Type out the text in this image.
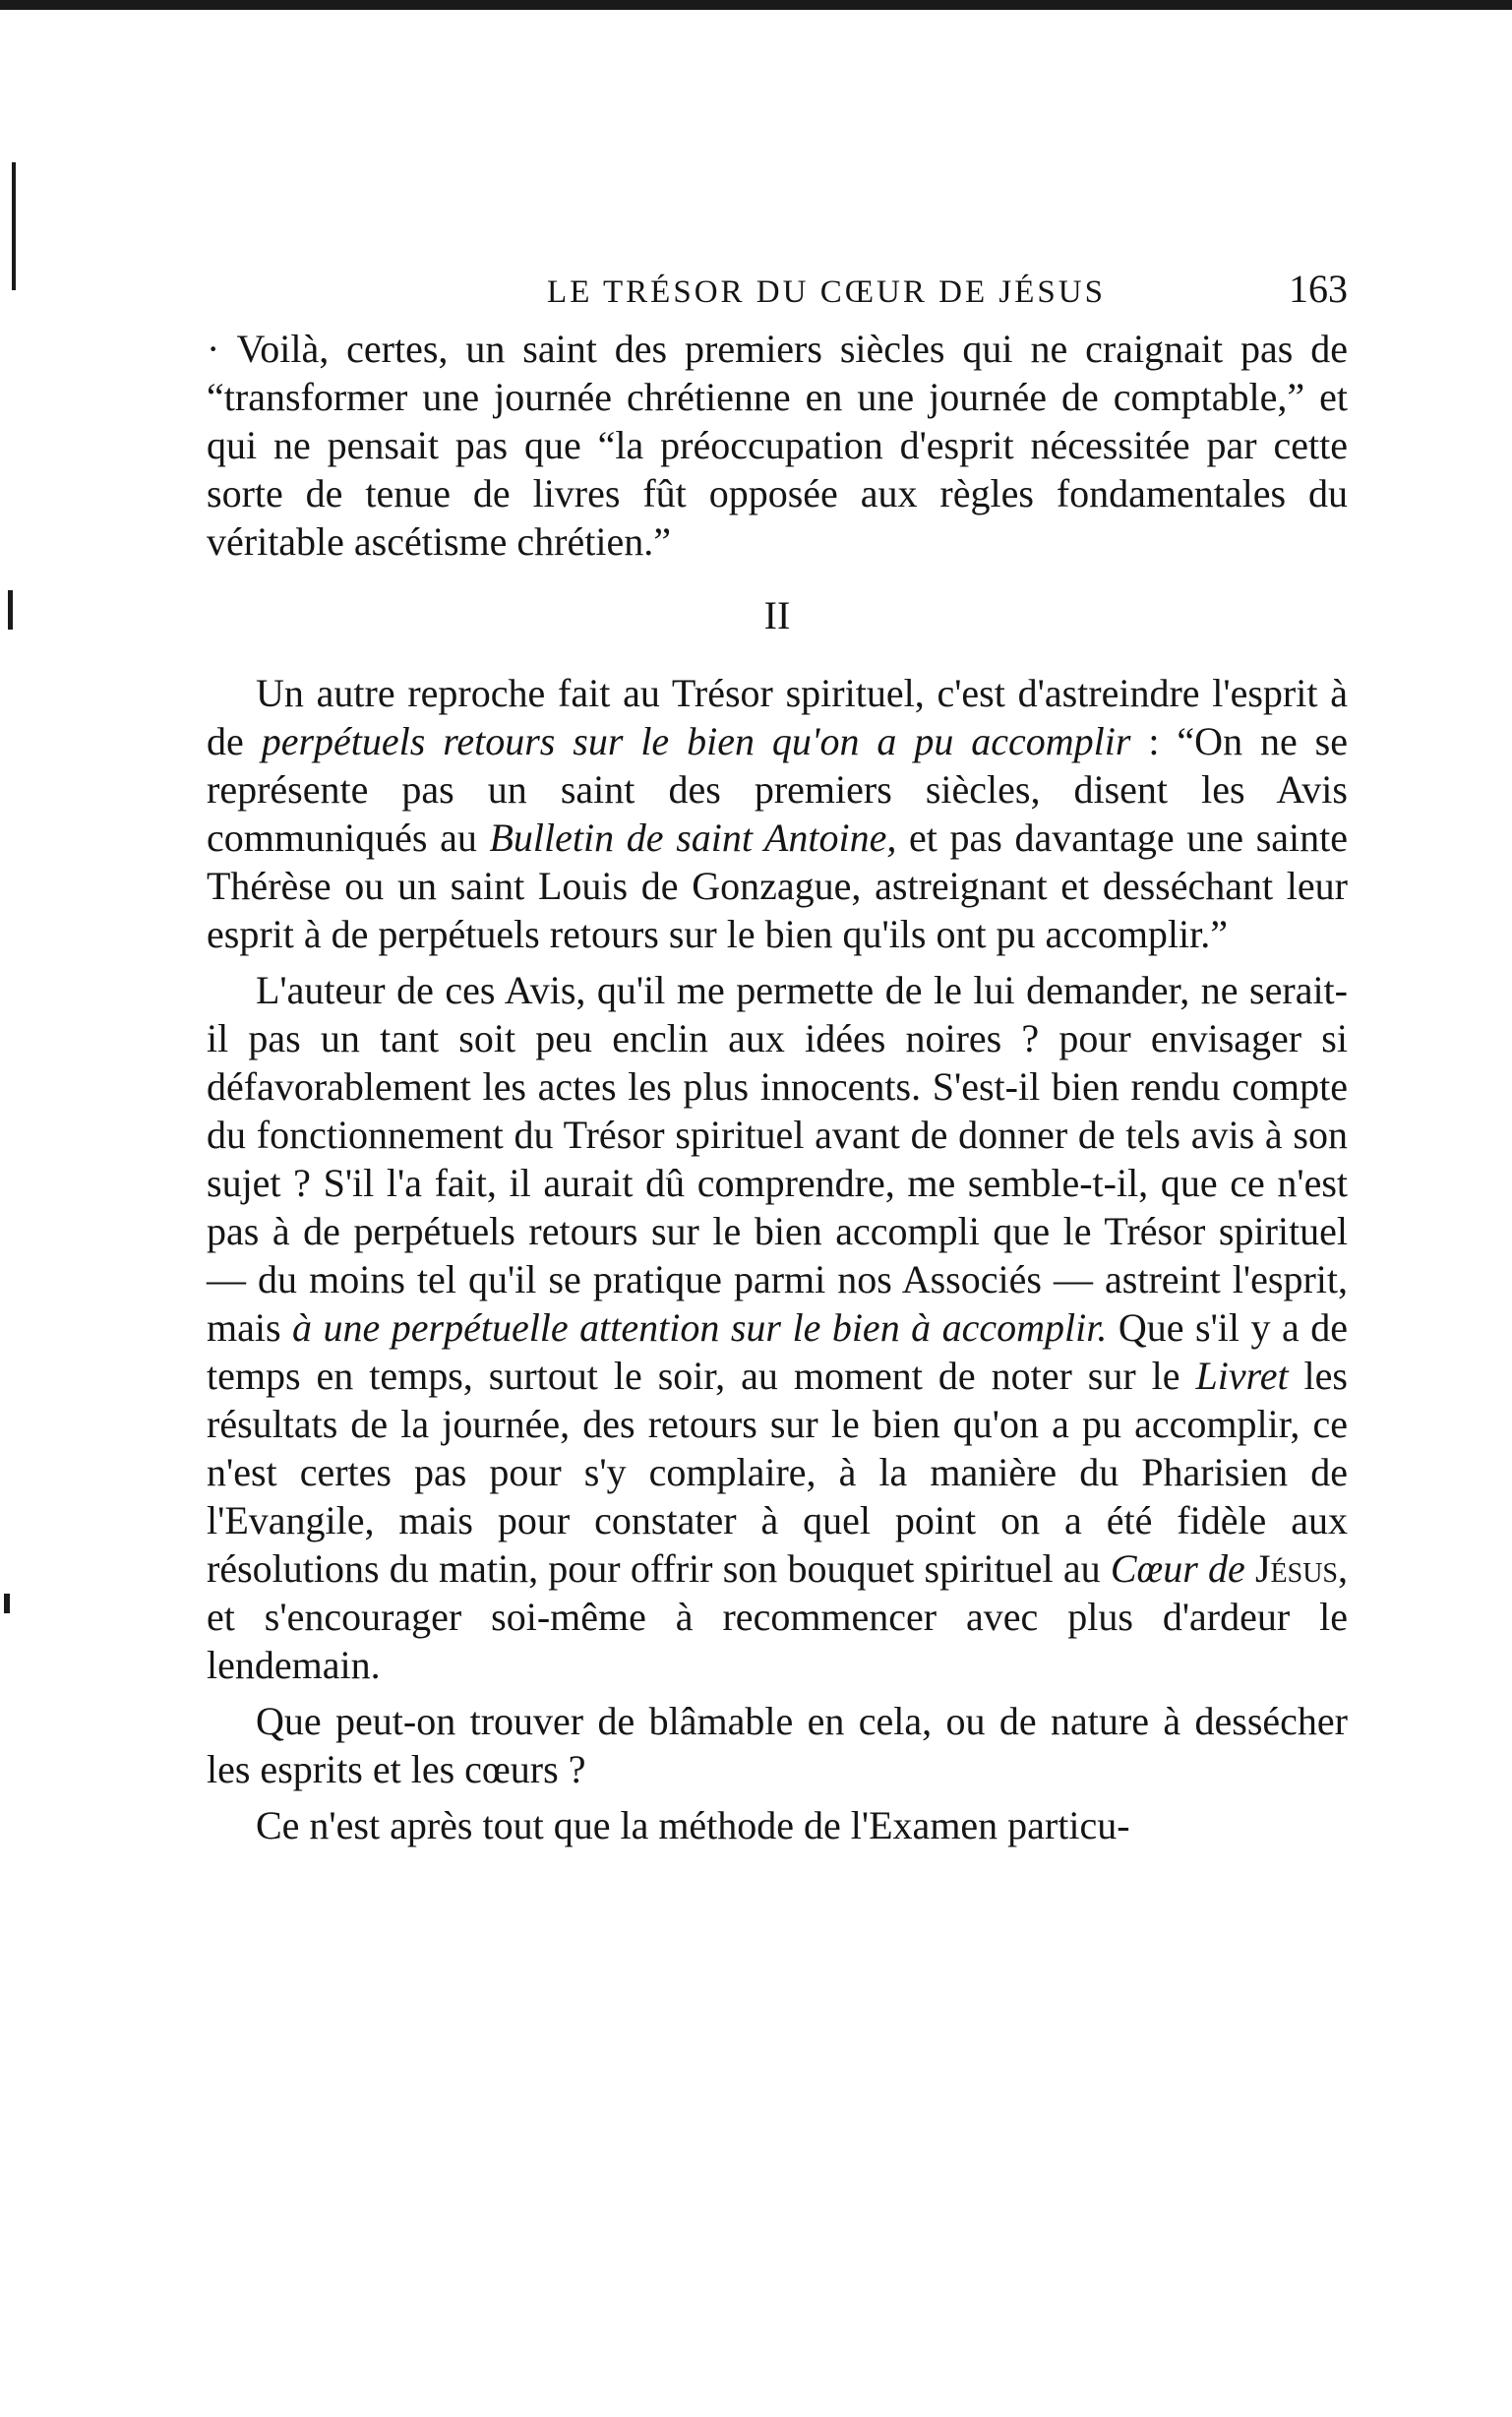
LE TRÉSOR DU CŒUR DE JÉSUS	163

· Voilà, certes, un saint des premiers siècles qui ne craignait pas de “transformer une journée chrétienne en une journée de comptable,” et qui ne pensait pas que “la préoccupation d'esprit nécessitée par cette sorte de tenue de livres fût opposée aux règles fondamentales du véritable ascétisme chrétien.”

II

Un autre reproche fait au Trésor spirituel, c'est d'astreindre l'esprit à de perpétuels retours sur le bien qu'on a pu accomplir : “On ne se représente pas un saint des premiers siècles, disent les Avis communiqués au Bulletin de saint Antoine, et pas davantage une sainte Thérèse ou un saint Louis de Gonzague, astreignant et desséchant leur esprit à de perpétuels retours sur le bien qu'ils ont pu accomplir.”

L'auteur de ces Avis, qu'il me permette de le lui demander, ne serait-il pas un tant soit peu enclin aux idées noires ? pour envisager si défavorablement les actes les plus innocents. S'est-il bien rendu compte du fonctionnement du Trésor spirituel avant de donner de tels avis à son sujet ? S'il l'a fait, il aurait dû comprendre, me semble-t-il, que ce n'est pas à de perpétuels retours sur le bien accompli que le Trésor spirituel — du moins tel qu'il se pratique parmi nos Associés — astreint l'esprit, mais à une perpétuelle attention sur le bien à accomplir. Que s'il y a de temps en temps, surtout le soir, au moment de noter sur le Livret les résultats de la journée, des retours sur le bien qu'on a pu accomplir, ce n'est certes pas pour s'y complaire, à la manière du Pharisien de l'Evangile, mais pour constater à quel point on a été fidèle aux résolutions du matin, pour offrir son bouquet spirituel au Cœur de Jésus, et s'encourager soi-même à recommencer avec plus d'ardeur le lendemain.

Que peut-on trouver de blâmable en cela, ou de nature à dessécher les esprits et les cœurs ?

Ce n'est après tout que la méthode de l'Examen particu-
